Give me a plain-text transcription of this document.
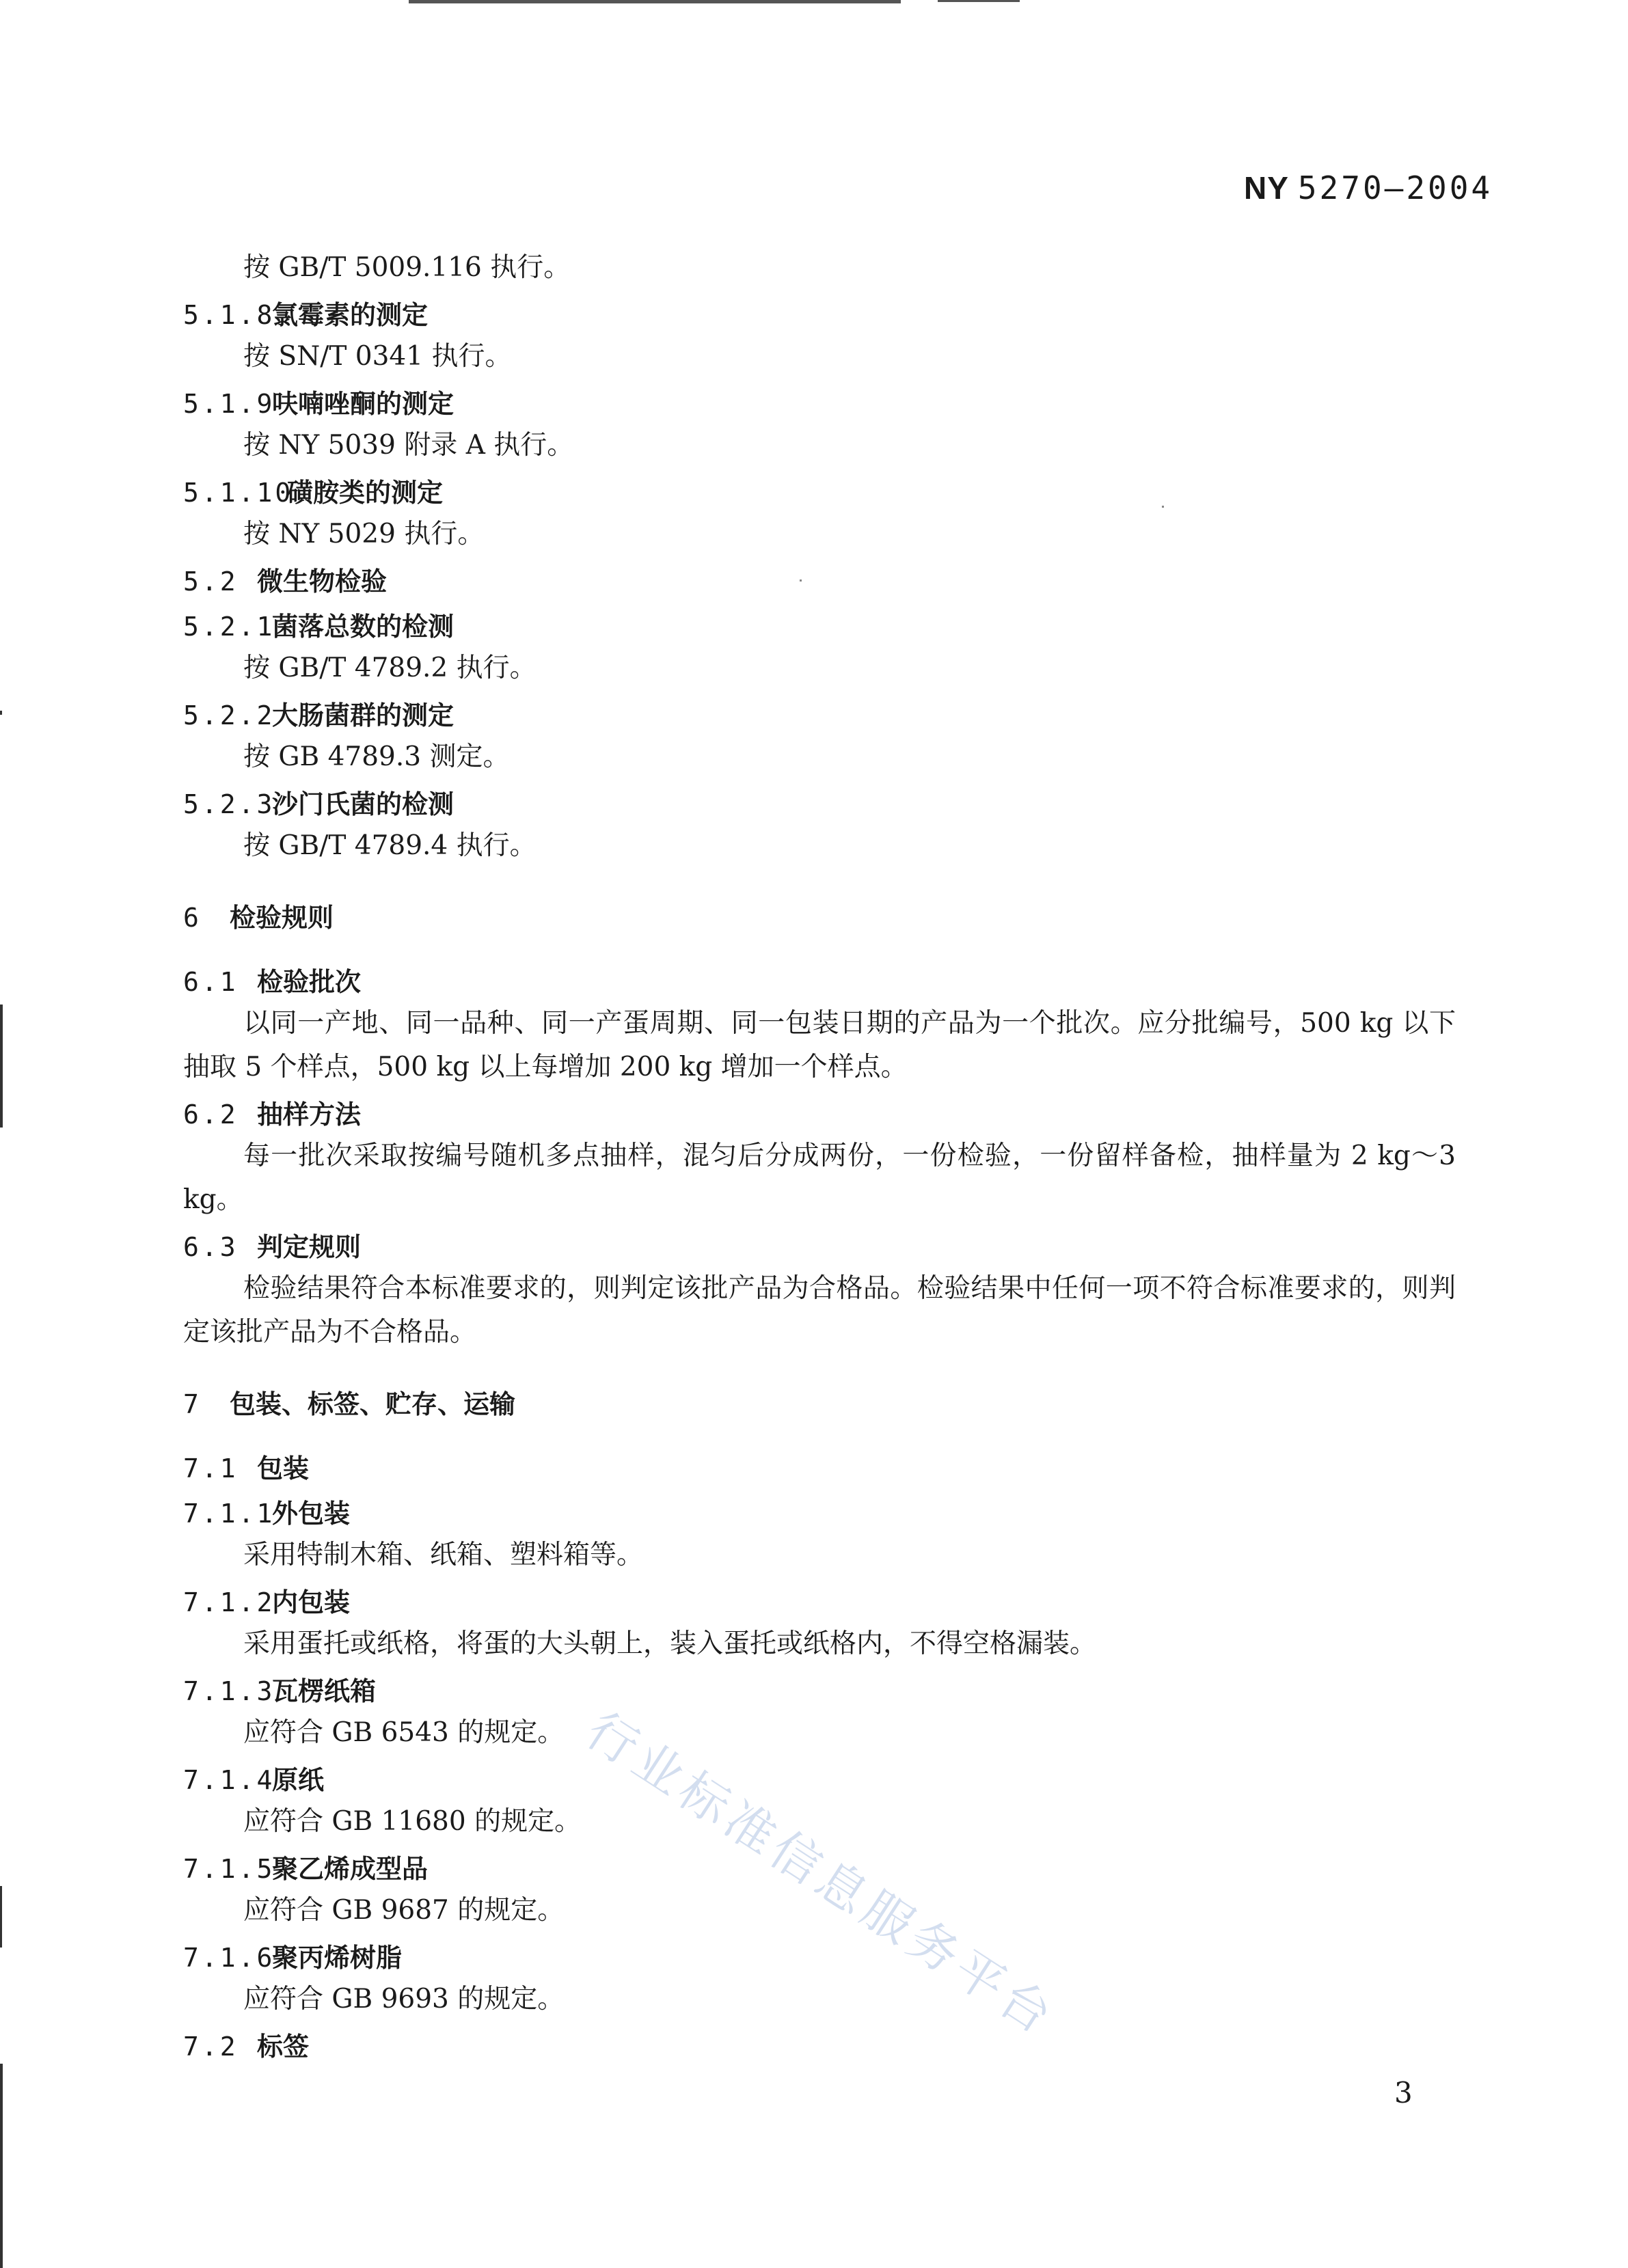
NY 5270—2004

按 GB/T 5009.116 执行。

5.1.8
氯霉素的测定

按 SN/T 0341 执行。

5.1.9
呋喃唑酮的测定

按 NY 5039 附录 A 执行。

5.1.10
磺胺类的测定

按 NY 5029 执行。

5.2 微生物检验
5.2.1
菌落总数的检测

按 GB/T 4789.2 执行。

5.2.2
大肠菌群的测定

按 GB 4789.3 测定。

5.2.3
沙门氏菌的检测

按 GB/T 4789.4 执行。

6	检验规则
6.1 检验批次

以同一产地、同一品种、同一产蛋周期、同一包装日期的产品为一个批次。应分批编号，500 kg 以下抽取 5 个样点，500 kg 以上每增加 200 kg 增加一个样点。

6.2 抽样方法

每一批次采取按编号随机多点抽样，混匀后分成两份，一份检验，一份留样备检，抽样量为 2 kg～3 kg。

6.3 判定规则

检验结果符合本标准要求的，则判定该批产品为合格品。检验结果中任何一项不符合标准要求的，则判定该批产品为不合格品。

7	包装、标签、贮存、运输
7.1 包装
7.1.1
外包装

采用特制木箱、纸箱、塑料箱等。

7.1.2
内包装

采用蛋托或纸格，将蛋的大头朝上，装入蛋托或纸格内，不得空格漏装。

7.1.3
瓦楞纸箱

应符合 GB 6543 的规定。

7.1.4
原纸

应符合 GB 11680 的规定。

7.1.5
聚乙烯成型品

应符合 GB 9687 的规定。

7.1.6
聚丙烯树脂

应符合 GB 9693 的规定。

7.2 标签	行业标准信息服务平台
3
